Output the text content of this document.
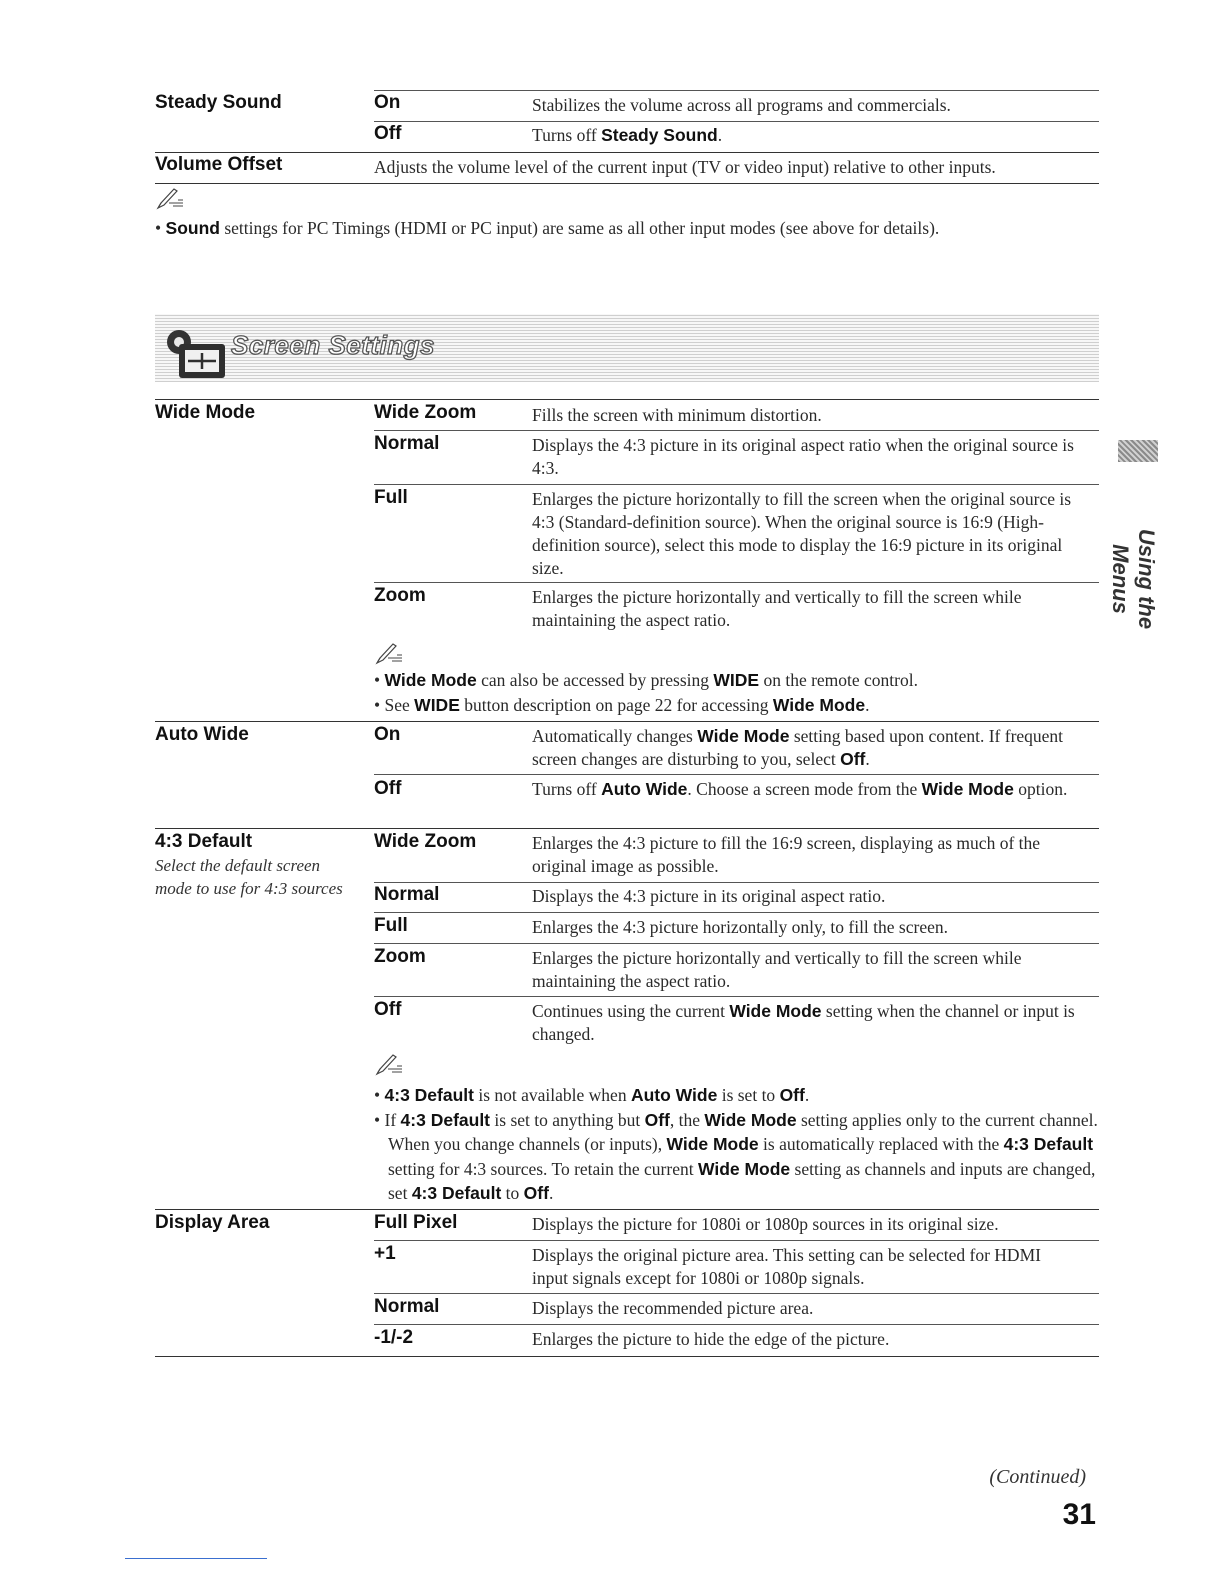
Steady Sound	On	Stabilizes the volume across all programs and commercials.
Off	Turns off Steady Sound.
Volume Offset	Adjusts the volume level of the current input (TV or video input) relative to other inputs.
• Sound settings for PC Timings (HDMI or PC input) are same as all other input modes (see above for details).
Screen Settings
Wide Mode	Wide Zoom	Fills the screen with minimum distortion.
Normal	Displays the 4:3 picture in its original aspect ratio when the original source is 4:3.
Full	Enlarges the picture horizontally to fill the screen when the original source is 4:3 (Standard-definition source). When the original source is 16:9 (High-definition source), select this mode to display the 16:9 picture in its original size.
Zoom	Enlarges the picture horizontally and vertically to fill the screen while maintaining the aspect ratio.
• Wide Mode can also be accessed by pressing WIDE on the remote control.
• See WIDE button description on page 22 for accessing Wide Mode.
Auto Wide	On	Automatically changes Wide Mode setting based upon content. If frequent screen changes are disturbing to you, select Off.
Off	Turns off Auto Wide. Choose a screen mode from the Wide Mode option.
4:3 Default
Select the default screen mode to use for 4:3 sources
Wide Zoom	Enlarges the 4:3 picture to fill the 16:9 screen, displaying as much of the original image as possible.
Normal	Displays the 4:3 picture in its original aspect ratio.
Full	Enlarges the 4:3 picture horizontally only, to fill the screen.
Zoom	Enlarges the picture horizontally and vertically to fill the screen while maintaining the aspect ratio.
Off	Continues using the current Wide Mode setting when the channel or input is changed.
• 4:3 Default is not available when Auto Wide is set to Off.
• If 4:3 Default is set to anything but Off, the Wide Mode setting applies only to the current channel. When you change channels (or inputs), Wide Mode is automatically replaced with the 4:3 Default setting for 4:3 sources. To retain the current Wide Mode setting as channels and inputs are changed, set 4:3 Default to Off.
Display Area	Full Pixel	Displays the picture for 1080i or 1080p sources in its original size.
+1	Displays the original picture area. This setting can be selected for HDMI input signals except for 1080i or 1080p signals.
Normal	Displays the recommended picture area.
-1/-2	Enlarges the picture to hide the edge of the picture.
Using the Menus
(Continued)
31
